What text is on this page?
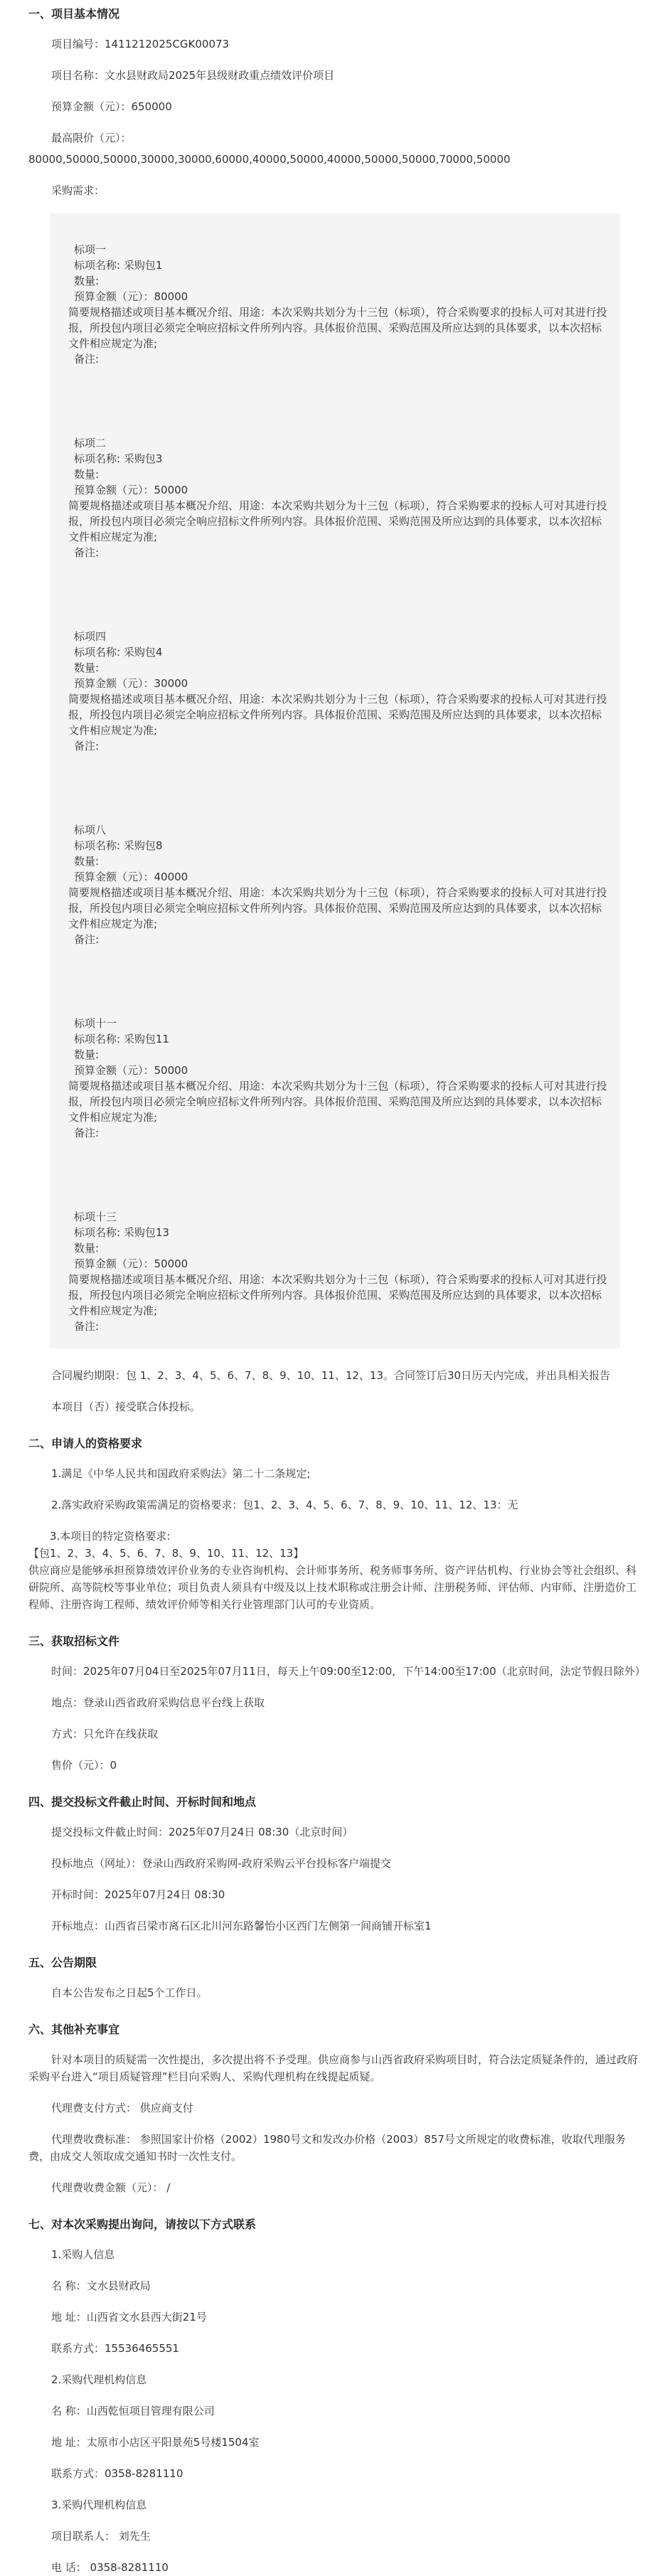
一、项目基本情况
项目编号：1411212025CGK00073
项目名称：文水县财政局2025年县级财政重点绩效评价项目
预算金额（元）：650000
最高限价（元）：
80000,50000,50000,30000,30000,60000,40000,50000,40000,50000,50000,70000,50000
采购需求：
标项一
标项名称: 采购包1
数量:
预算金额（元）：80000
简要规格描述或项目基本概况介绍、用途：本次采购共划分为十三包（标项），符合采购要求的投标人可对其进行投报，所投包内项目必须完全响应招标文件所列内容。具体报价范围、采购范围及所应达到的具体要求，以本次招标文件相应规定为准;
备注:
标项二
标项名称: 采购包3
数量:
预算金额（元）：50000
简要规格描述或项目基本概况介绍、用途：本次采购共划分为十三包（标项），符合采购要求的投标人可对其进行投报，所投包内项目必须完全响应招标文件所列内容。具体报价范围、采购范围及所应达到的具体要求，以本次招标文件相应规定为准;
备注:
标项四
标项名称: 采购包4
数量:
预算金额（元）：30000
简要规格描述或项目基本概况介绍、用途：本次采购共划分为十三包（标项），符合采购要求的投标人可对其进行投报，所投包内项目必须完全响应招标文件所列内容。具体报价范围、采购范围及所应达到的具体要求，以本次招标文件相应规定为准;
备注:
标项八
标项名称: 采购包8
数量:
预算金额（元）：40000
简要规格描述或项目基本概况介绍、用途：本次采购共划分为十三包（标项），符合采购要求的投标人可对其进行投报，所投包内项目必须完全响应招标文件所列内容。具体报价范围、采购范围及所应达到的具体要求，以本次招标文件相应规定为准;
备注:
标项十一
标项名称: 采购包11
数量:
预算金额（元）：50000
简要规格描述或项目基本概况介绍、用途：本次采购共划分为十三包（标项），符合采购要求的投标人可对其进行投报，所投包内项目必须完全响应招标文件所列内容。具体报价范围、采购范围及所应达到的具体要求，以本次招标文件相应规定为准;
备注:
标项十三
标项名称: 采购包13
数量:
预算金额（元）：50000
简要规格描述或项目基本概况介绍、用途：本次采购共划分为十三包（标项），符合采购要求的投标人可对其进行投报，所投包内项目必须完全响应招标文件所列内容。具体报价范围、采购范围及所应达到的具体要求，以本次招标文件相应规定为准;
备注:
合同履约期限：包 1、2、3、4、5、6、7、8、9、10、11、12、13。合同签订后30日历天内完成，并出具相关报告
本项目（否）接受联合体投标。
二、申请人的资格要求
1.满足《中华人民共和国政府采购法》第二十二条规定;
2.落实政府采购政策需满足的资格要求：包1、2、3、4、5、6、7、8、9、10、11、12、13：无
3.本项目的特定资格要求:
【包1、2、3、4、5、6、7、8、9、10、11、12、13】
供应商应是能够承担预算绩效评价业务的专业咨询机构、会计师事务所、税务师事务所、资产评估机构、行业协会等社会组织、科研院所、高等院校等事业单位；项目负责人须具有中级及以上技术职称或注册会计师、注册税务师、评估师、内审师、注册造价工程师、注册咨询工程师、绩效评价师等相关行业管理部门认可的专业资质。
三、获取招标文件
时间：2025年07月04日至2025年07月11日，每天上午09:00至12:00，下午14:00至17:00（北京时间，法定节假日除外）
地点：登录山西省政府采购信息平台线上获取
方式：只允许在线获取
售价（元）：0
四、提交投标文件截止时间、开标时间和地点
提交投标文件截止时间：2025年07月24日 08:30（北京时间）
投标地点（网址）：登录山西政府采购网-政府采购云平台投标客户端提交
开标时间：2025年07月24日 08:30
开标地点：山西省吕梁市离石区北川河东路馨怡小区西门左侧第一间商铺开标室1
五、公告期限
自本公告发布之日起5个工作日。
六、其他补充事宜
针对本项目的质疑需一次性提出，多次提出将不予受理。供应商参与山西省政府采购项目时，符合法定质疑条件的，通过政府采购平台进入“项目质疑管理”栏目向采购人、采购代理机构在线提起质疑。
代理费支付方式： 供应商支付
代理费收费标准： 参照国家计价格（2002）1980号文和发改办价格（2003）857号文所规定的收费标准，收取代理服务费，由成交人领取成交通知书时一次性支付。
代理费收费金额（元）： /
七、对本次采购提出询问，请按以下方式联系
1.采购人信息
名 称：文水县财政局
地 址：山西省文水县西大街21号
联系方式：15536465551
2.采购代理机构信息
名 称：山西乾恒项目管理有限公司
地 址：太原市小店区平阳景苑5号楼1504室
联系方式：0358-8281110
3.采购代理机构信息
项目联系人： 刘先生
电 话： 0358-8281110
